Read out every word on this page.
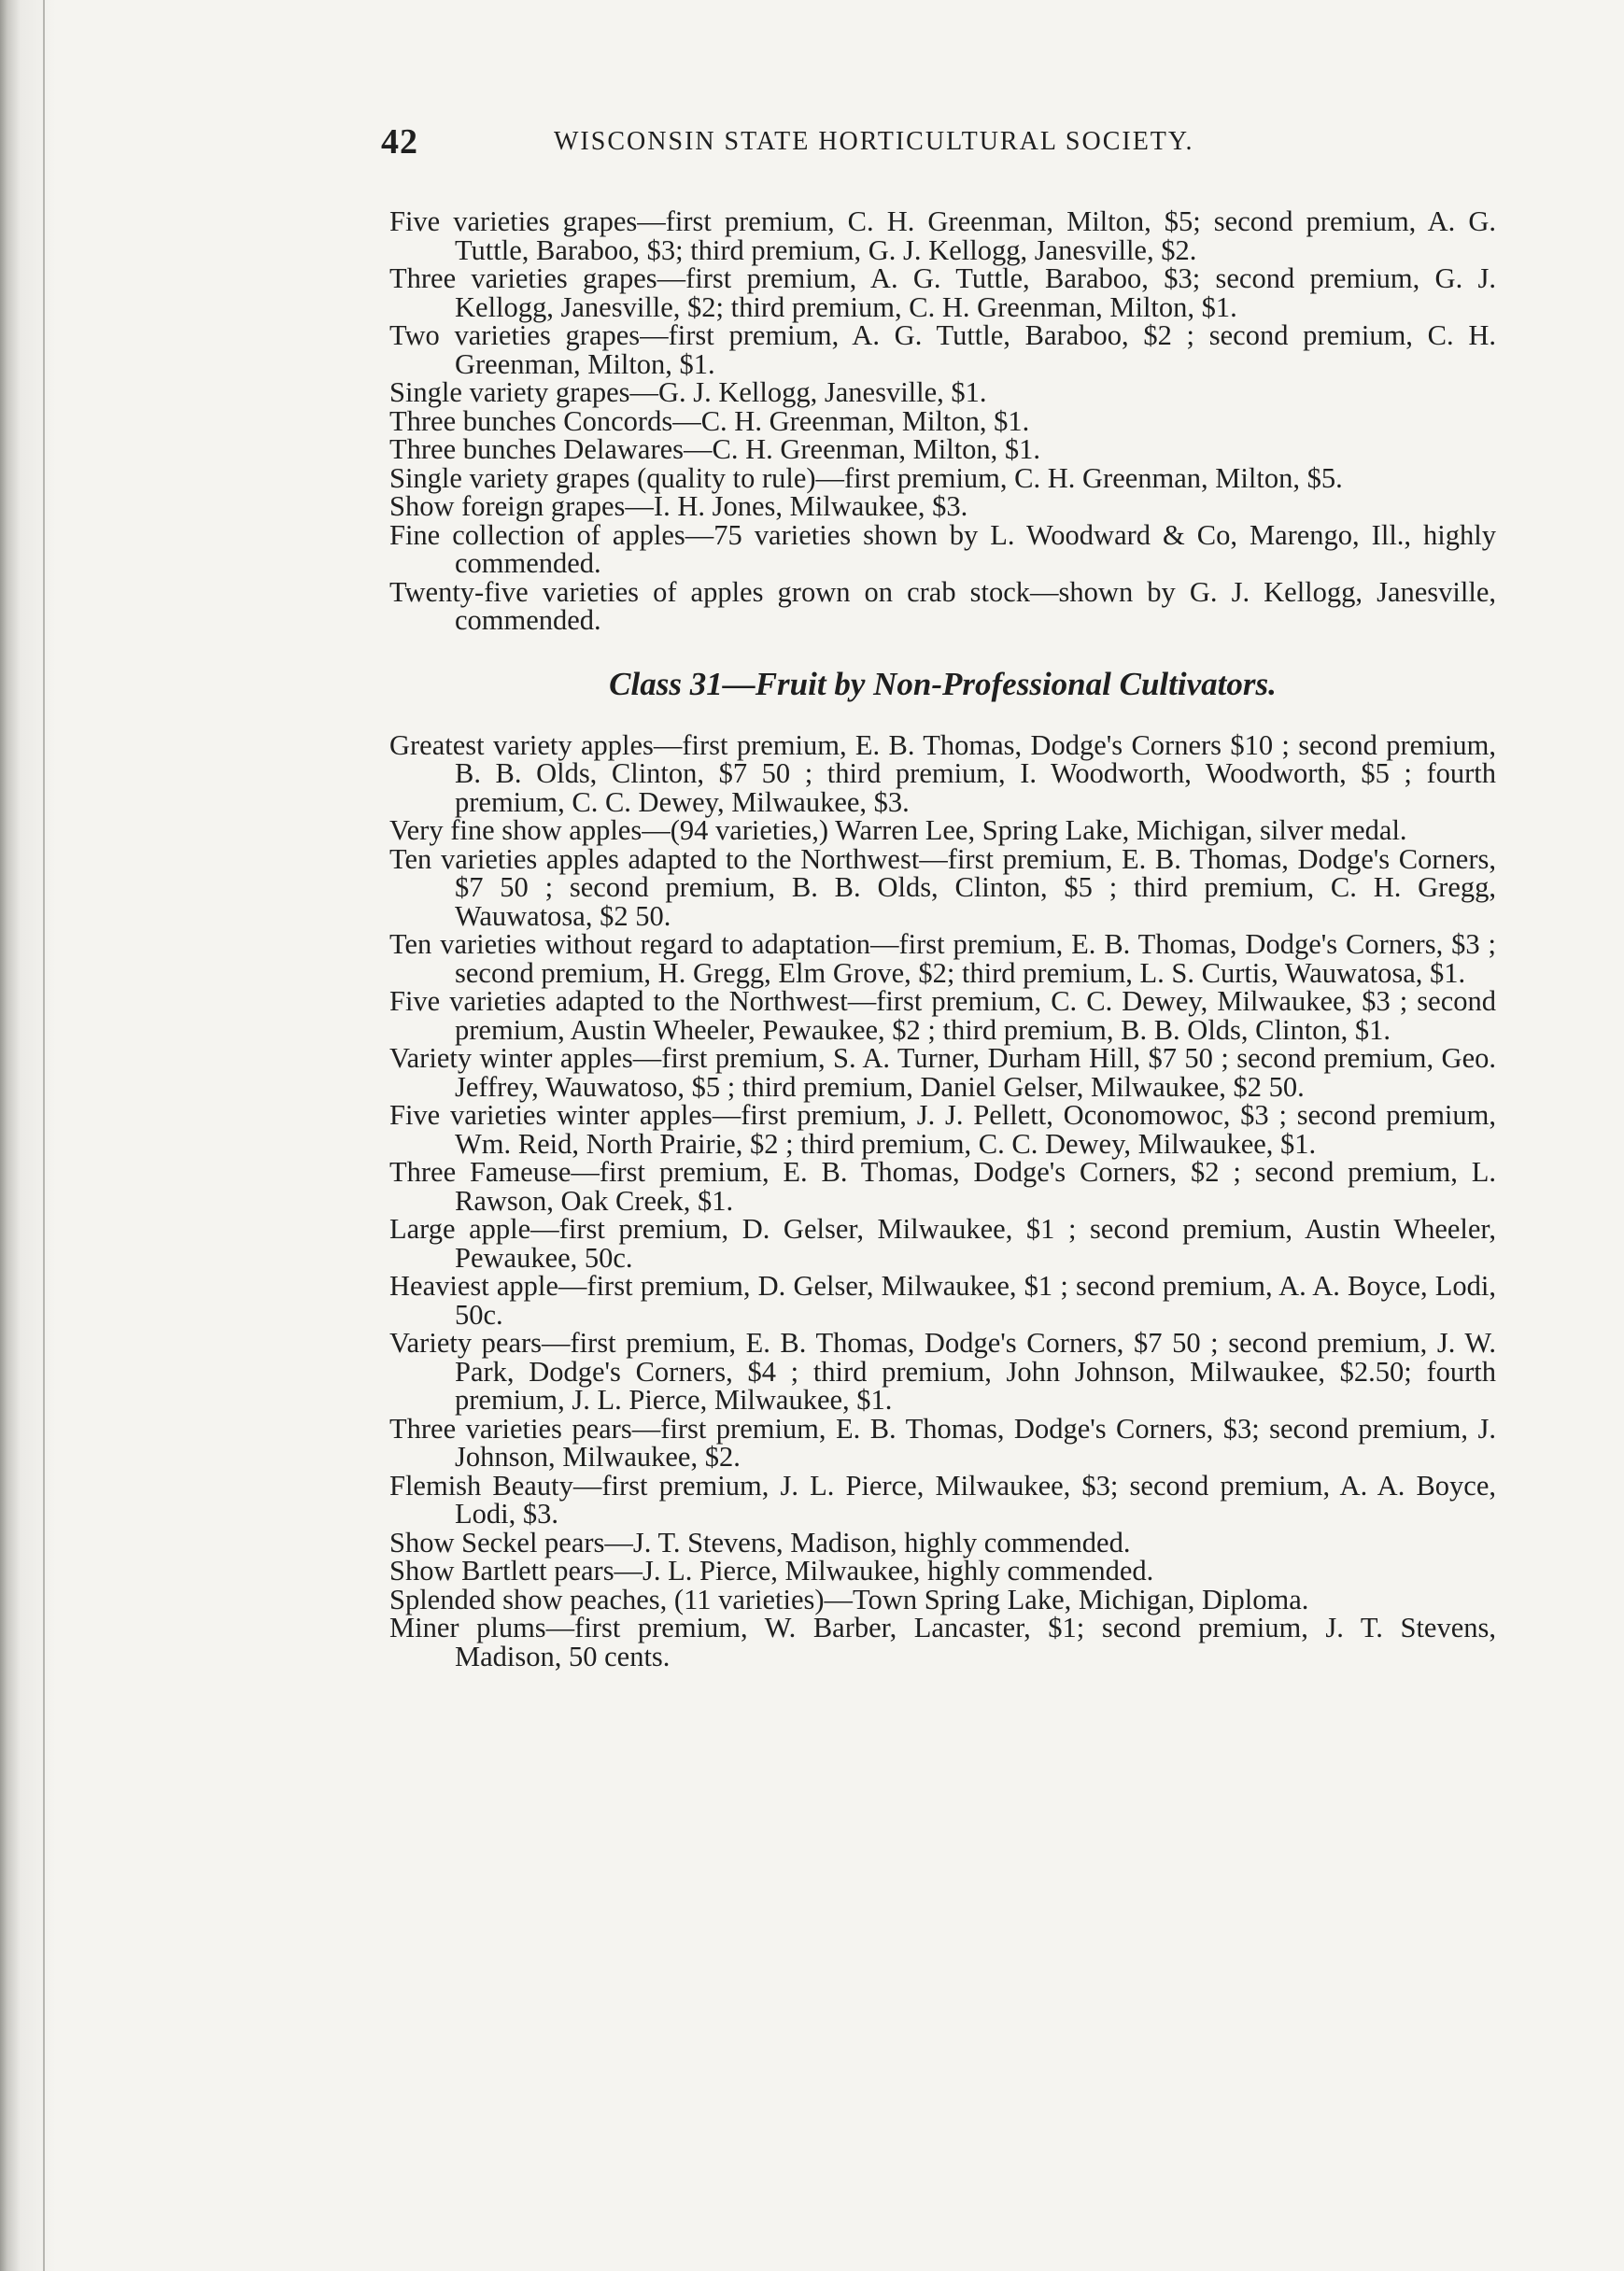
42	WISCONSIN STATE HORTICULTURAL SOCIETY.

Five varieties grapes—first premium, C. H. Greenman, Milton, $5; second premium, A. G. Tuttle, Baraboo, $3; third premium, G. J. Kellogg, Janesville, $2.

Three varieties grapes—first premium, A. G. Tuttle, Baraboo, $3; second premium, G. J. Kellogg, Janesville, $2; third premium, C. H. Greenman, Milton, $1.

Two varieties grapes—first premium, A. G. Tuttle, Baraboo, $2 ; second premium, C. H. Greenman, Milton, $1.

Single variety grapes—G. J. Kellogg, Janesville, $1.

Three bunches Concords—C. H. Greenman, Milton, $1.

Three bunches Delawares—C. H. Greenman, Milton, $1.

Single variety grapes (quality to rule)—first premium, C. H. Greenman, Milton, $5.

Show foreign grapes—I. H. Jones, Milwaukee, $3.

Fine collection of apples—75 varieties shown by L. Woodward & Co, Marengo, Ill., highly commended.

Twenty-five varieties of apples grown on crab stock—shown by G. J. Kellogg, Janesville, commended.

Class 31—Fruit by Non-Professional Cultivators.

Greatest variety apples—first premium, E. B. Thomas, Dodge's Corners $10 ; second premium, B. B. Olds, Clinton, $7 50 ; third premium, I. Woodworth, Woodworth, $5 ; fourth premium, C. C. Dewey, Milwaukee, $3.

Very fine show apples—(94 varieties,) Warren Lee, Spring Lake, Michigan, silver medal.

Ten varieties apples adapted to the Northwest—first premium, E. B. Thomas, Dodge's Corners, $7 50 ; second premium, B. B. Olds, Clinton, $5 ; third premium, C. H. Gregg, Wauwatosa, $2 50.

Ten varieties without regard to adaptation—first premium, E. B. Thomas, Dodge's Corners, $3 ; second premium, H. Gregg, Elm Grove, $2; third premium, L. S. Curtis, Wauwatosa, $1.

Five varieties adapted to the Northwest—first premium, C. C. Dewey, Milwaukee, $3 ; second premium, Austin Wheeler, Pewaukee, $2 ; third premium, B. B. Olds, Clinton, $1.

Variety winter apples—first premium, S. A. Turner, Durham Hill, $7 50 ; second premium, Geo. Jeffrey, Wauwatoso, $5 ; third premium, Daniel Gelser, Milwaukee, $2 50.

Five varieties winter apples—first premium, J. J. Pellett, Oconomowoc, $3 ; second premium, Wm. Reid, North Prairie, $2 ; third premium, C. C. Dewey, Milwaukee, $1.

Three Fameuse—first premium, E. B. Thomas, Dodge's Corners, $2 ; second premium, L. Rawson, Oak Creek, $1.

Large apple—first premium, D. Gelser, Milwaukee, $1 ; second premium, Austin Wheeler, Pewaukee, 50c.

Heaviest apple—first premium, D. Gelser, Milwaukee, $1 ; second premium, A. A. Boyce, Lodi, 50c.

Variety pears—first premium, E. B. Thomas, Dodge's Corners, $7 50 ; second premium, J. W. Park, Dodge's Corners, $4 ; third premium, John Johnson, Milwaukee, $2.50; fourth premium, J. L. Pierce, Milwaukee, $1.

Three varieties pears—first premium, E. B. Thomas, Dodge's Corners, $3; second premium, J. Johnson, Milwaukee, $2.

Flemish Beauty—first premium, J. L. Pierce, Milwaukee, $3; second premium, A. A. Boyce, Lodi, $3.

Show Seckel pears—J. T. Stevens, Madison, highly commended.

Show Bartlett pears—J. L. Pierce, Milwaukee, highly commended.

Splended show peaches, (11 varieties)—Town Spring Lake, Michigan, Diploma.

Miner plums—first premium, W. Barber, Lancaster, $1; second premium, J. T. Stevens, Madison, 50 cents.
